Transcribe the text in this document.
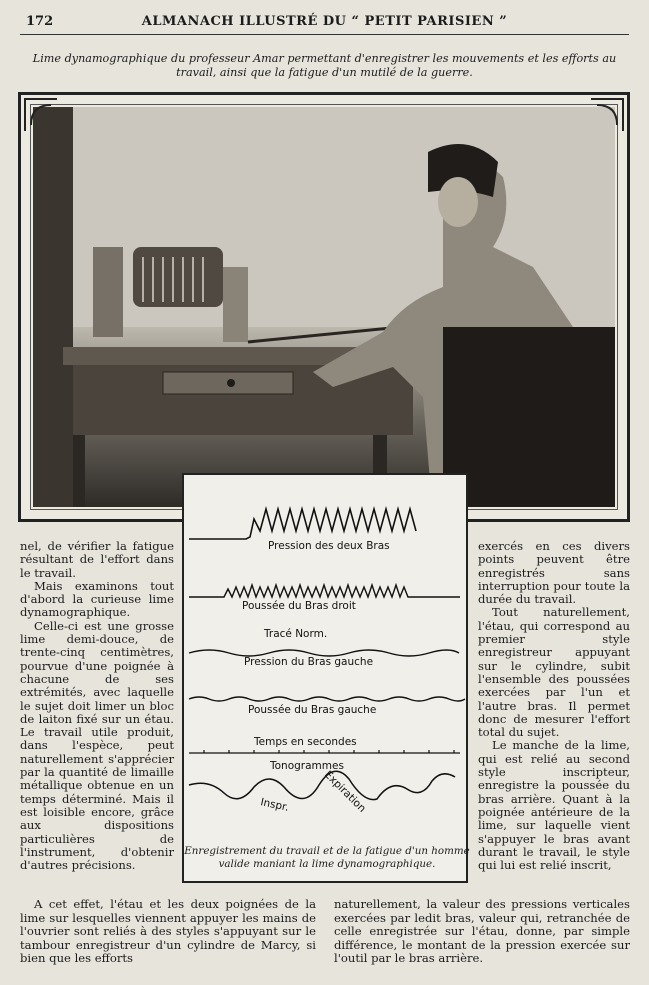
172	ALMANACH ILLUSTRÉ DU “ PETIT PARISIEN ”
Lime dynamographique du professeur Amar permettant d'enregistrer les mouvements et les efforts au travail, ainsi que la fatigue d'un mutilé de la guerre.
Pression des deux Bras
Poussée du Bras droit
Tracé Norm.
Pression du Bras gauche
Poussée du Bras gauche
Temps en secondes
Tonogrammes
Inspr.	Expiration
Enregistrement du travail et de la fatigue d'un homme valide maniant la lime dynamographique.

nel, de vérifier la fatigue résultant de l'effort dans le travail.

Mais examinons tout d'abord la curieuse lime dynamographique.

Celle-ci est une grosse lime demi-douce, de trente-cinq centimètres, pourvue d'une poignée à chacune de ses extrémités, avec laquelle le sujet doit limer un bloc de laiton fixé sur un étau. Le travail utile produit, dans l'espèce, peut naturellement s'apprécier par la quantité de limaille métallique obtenue en un temps déterminé. Mais il est loisible encore, grâce aux dispositions particulières de l'instrument, d'obtenir d'autres précisions.

exercés en ces divers points peuvent être enregistrés sans interruption pour toute la durée du travail.

Tout naturellement, l'étau, qui correspond au premier style enregistreur appuyant sur le cylindre, subit l'ensemble des poussées exercées par l'un et l'autre bras. Il permet donc de mesurer l'effort total du sujet.

Le manche de la lime, qui est relié au second style inscripteur, enregistre la poussée du bras arrière. Quant à la poignée antérieure de la lime, sur laquelle vient s'appuyer le bras avant durant le travail, le style qui lui est relié inscrit,

A cet effet, l'étau et les deux poignées de la lime sur lesquelles viennent appuyer les mains de l'ouvrier sont reliés à des styles s'appuyant sur le tambour enregistreur d'un cylindre de Marcy, si bien que les efforts

naturellement, la valeur des pressions verticales exercées par ledit bras, valeur qui, retranchée de celle enregistrée sur l'étau, donne, par simple différence, le montant de la pression exercée sur l'outil par le bras arrière.
